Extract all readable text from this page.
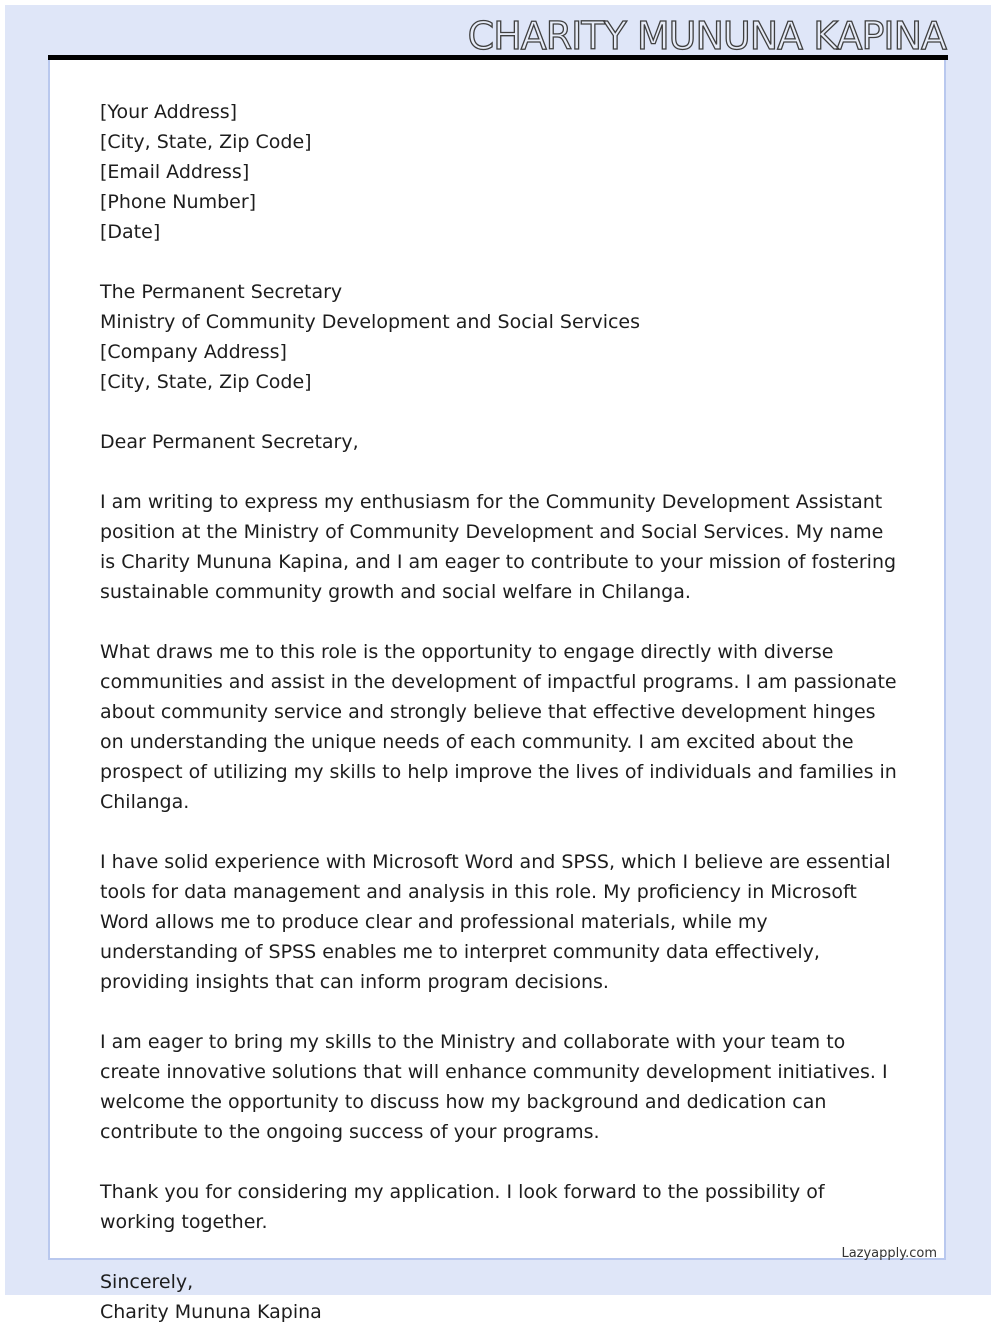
CHARITY MUNUNA KAPINA
[Your Address]
[City, State, Zip Code]
[Email Address]
[Phone Number]
[Date]
The Permanent Secretary
Ministry of Community Development and Social Services
[Company Address]
[City, State, Zip Code]
Dear Permanent Secretary,

I am writing to express my enthusiasm for the Community Development Assistant position at the Ministry of Community Development and Social Services. My name is Charity Mununa Kapina, and I am eager to contribute to your mission of fostering sustainable community growth and social welfare in Chilanga.

What draws me to this role is the opportunity to engage directly with diverse communities and assist in the development of impactful programs. I am passionate about community service and strongly believe that effective development hinges on understanding the unique needs of each community. I am excited about the prospect of utilizing my skills to help improve the lives of individuals and families in Chilanga.

I have solid experience with Microsoft Word and SPSS, which I believe are essential tools for data management and analysis in this role. My proficiency in Microsoft Word allows me to produce clear and professional materials, while my understanding of SPSS enables me to interpret community data effectively, providing insights that can inform program decisions.

I am eager to bring my skills to the Ministry and collaborate with your team to create innovative solutions that will enhance community development initiatives. I welcome the opportunity to discuss how my background and dedication can contribute to the ongoing success of your programs.

Thank you for considering my application. I look forward to the possibility of working together.

Sincerely,
Charity Mununa Kapina
Lazyapply.com
